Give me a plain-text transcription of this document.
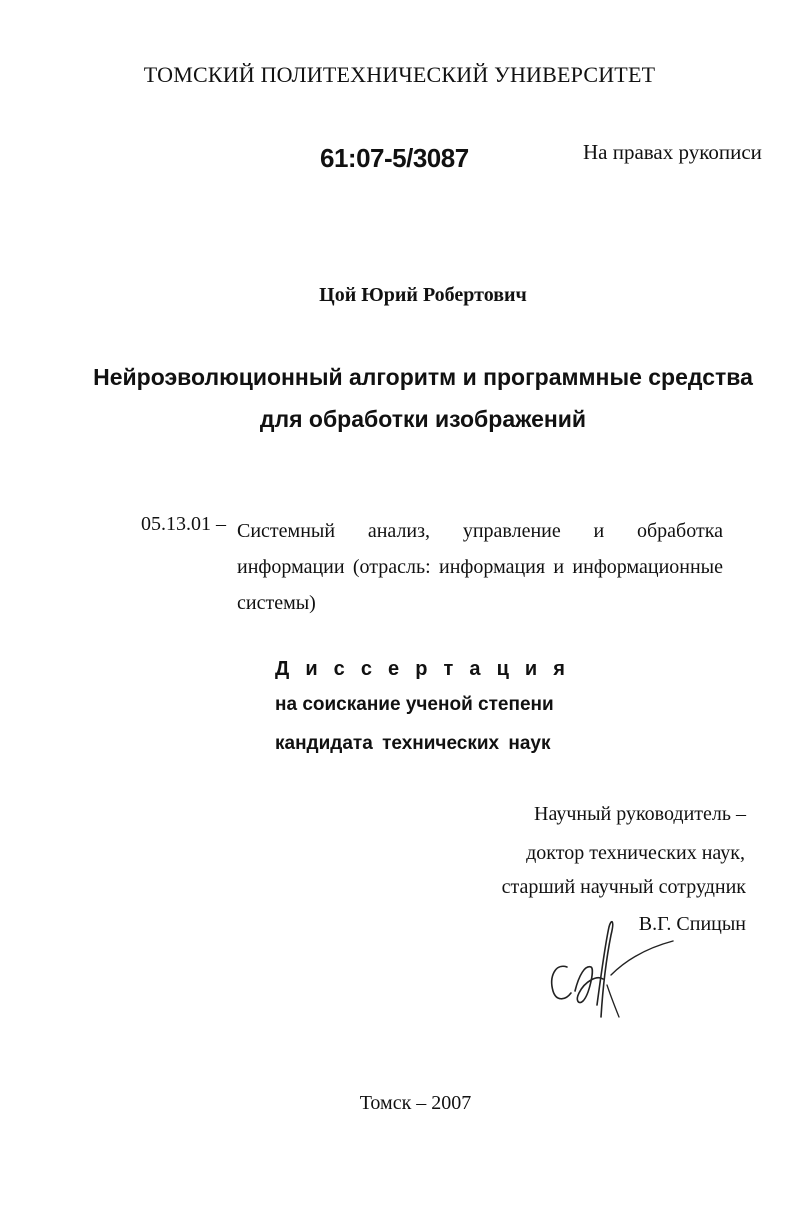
ТОМСКИЙ ПОЛИТЕХНИЧЕСКИЙ УНИВЕРСИТЕТ
61:07-5/3087	На правах рукописи
Цой Юрий Робертович
Нейроэволюционный алгоритм и программные средства
для обработки изображений
05.13.01 – Системный анализ, управление и обработка информации (отрасль: информация и информационные системы)
Д и с с е р т а ц и я
на соискание ученой степени
кандидата технических наук
Научный руководитель –
доктор технических наук,
старший научный сотрудник
В.Г. Спицын
Томск – 2007
